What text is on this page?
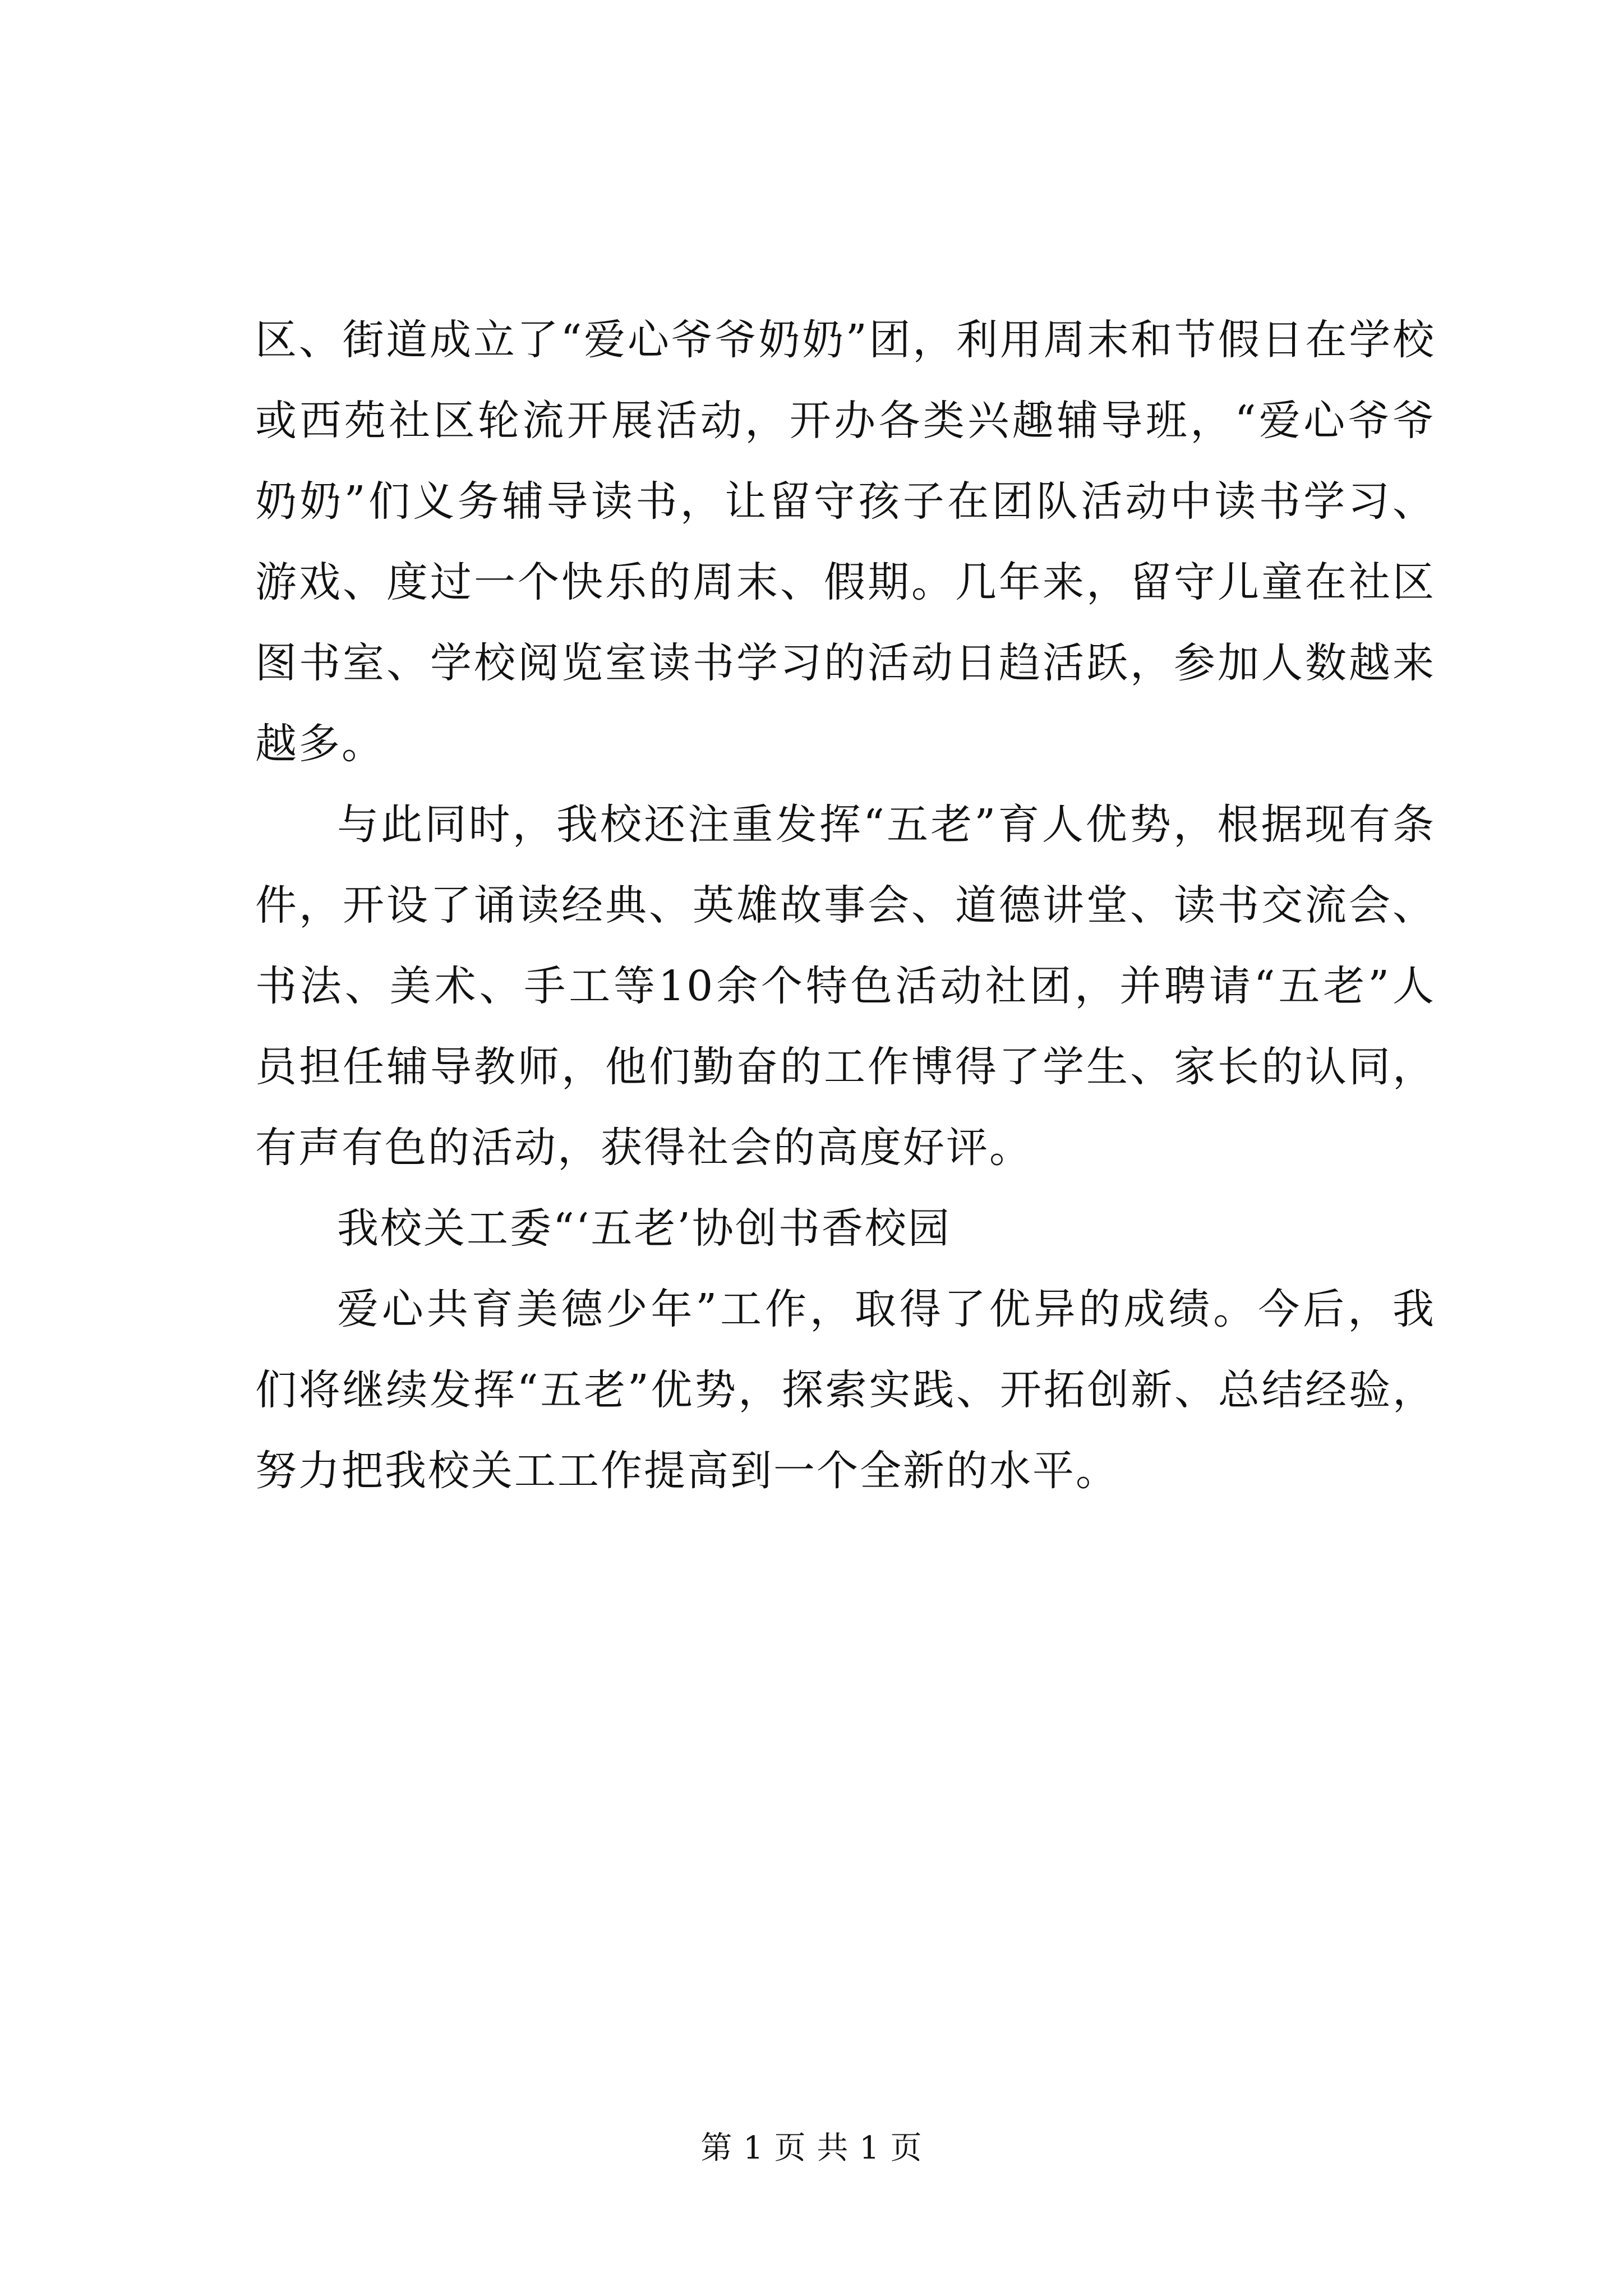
区、街道成立了“爱心爷爷奶奶”团，利用周末和节假日在学校或西苑社区轮流开展活动，开办各类兴趣辅导班，“爱心爷爷奶奶”们义务辅导读书，让留守孩子在团队活动中读书学习、游戏、度过一个快乐的周末、假期。几年来，留守儿童在社区图书室、学校阅览室读书学习的活动日趋活跃，参加人数越来越多。

与此同时，我校还注重发挥“五老”育人优势，根据现有条件，开设了诵读经典、英雄故事会、道德讲堂、读书交流会、书法、美术、手工等10余个特色活动社团，并聘请“五老”人员担任辅导教师，他们勤奋的工作博得了学生、家长的认同，有声有色的活动，获得社会的高度好评。

我校关工委“‘五老’协创书香校园

爱心共育美德少年”工作，取得了优异的成绩。今后，我们将继续发挥“五老”优势，探索实践、开拓创新、总结经验，努力把我校关工工作提高到一个全新的水平。

第 1 页 共 1 页
